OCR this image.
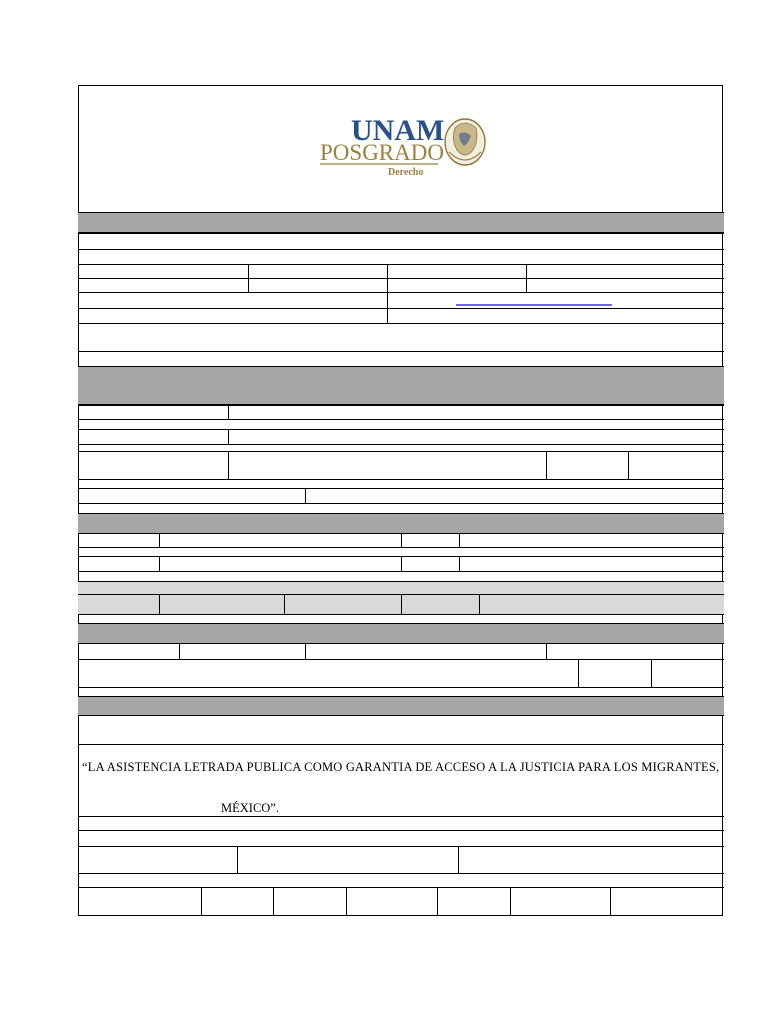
UNAM
POSGRADO
Derecho
“LA ASISTENCIA LETRADA PUBLICA COMO GARANTIA DE ACCESO A LA JUSTICIA PARA LOS MIGRANTES,
MÉXICO”.
